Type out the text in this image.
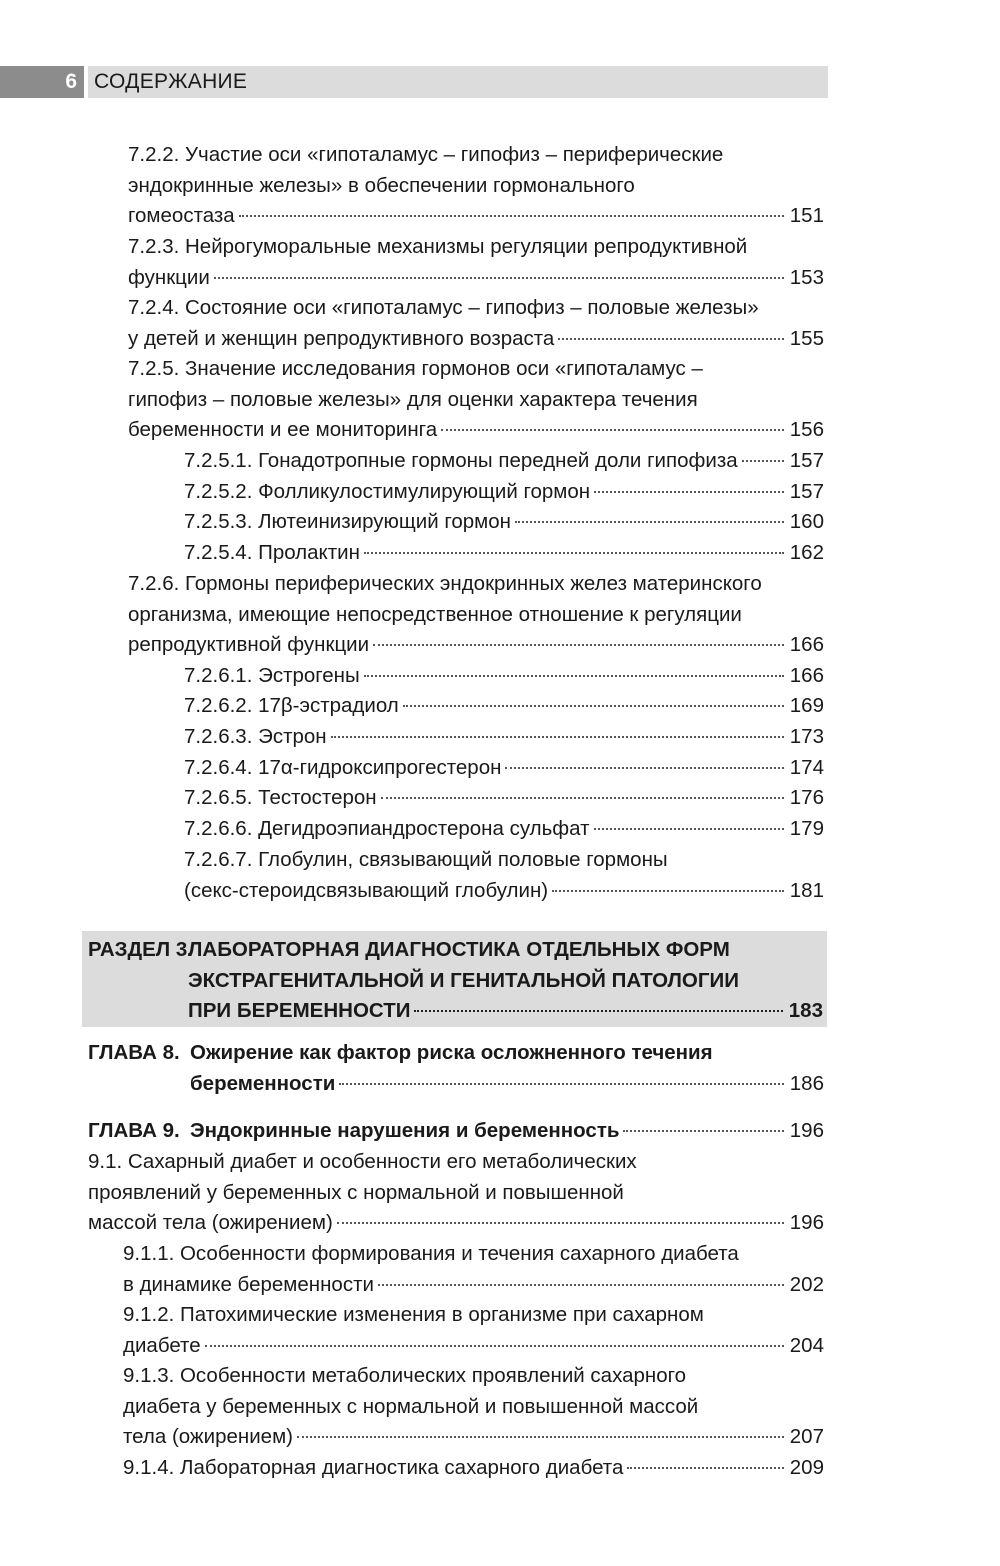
6 СОДЕРЖАНИЕ
7.2.2. Участие оси «гипоталамус – гипофиз – периферические
эндокринные железы» в обеспечении гормонального
гомеостаза	151
7.2.3. Нейрогуморальные механизмы регуляции репродуктивной
функции	153
7.2.4. Состояние оси «гипоталамус – гипофиз – половые железы»
у детей и женщин репродуктивного возраста	155
7.2.5. Значение исследования гормонов оси «гипоталамус –
гипофиз – половые железы» для оценки характера течения
беременности и ее мониторинга	156
7.2.5.1. Гонадотропные гормоны передней доли гипофиза	157
7.2.5.2. Фолликулостимулирующий гормон	157
7.2.5.3. Лютеинизирующий гормон	160
7.2.5.4. Пролактин	162
7.2.6. Гормоны периферических эндокринных желез материнского
организма, имеющие непосредственное отношение к регуляции
репродуктивной функции	166
7.2.6.1. Эстрогены	166
7.2.6.2. 17β-эстрадиол	169
7.2.6.3. Эстрон	173
7.2.6.4. 17α-гидроксипрогестерон	174
7.2.6.5. Тестостерон	176
7.2.6.6. Дегидроэпиандростерона сульфат	179
7.2.6.7. Глобулин, связывающий половые гормоны
(секс-стероидсвязывающий глобулин)	181
РАЗДЕЛ 3.
ЛАБОРАТОРНАЯ ДИАГНОСТИКА ОТДЕЛЬНЫХ ФОРМ
ЭКСТРАГЕНИТАЛЬНОЙ И ГЕНИТАЛЬНОЙ ПАТОЛОГИИ
ПРИ БЕРЕМЕННОСТИ	183
ГЛАВА 8. Ожирение как фактор риска осложненного течения
беременности	186
ГЛАВА 9. Эндокринные нарушения и беременность	196
9.1. Сахарный диабет и особенности его метаболических
проявлений у беременных с нормальной и повышенной
массой тела (ожирением)	196
9.1.1. Особенности формирования и течения сахарного диабета
в динамике беременности	202
9.1.2. Патохимические изменения в организме при сахарном
диабете	204
9.1.3. Особенности метаболических проявлений сахарного
диабета у беременных с нормальной и повышенной массой
тела (ожирением)	207
9.1.4. Лабораторная диагностика сахарного диабета	209
